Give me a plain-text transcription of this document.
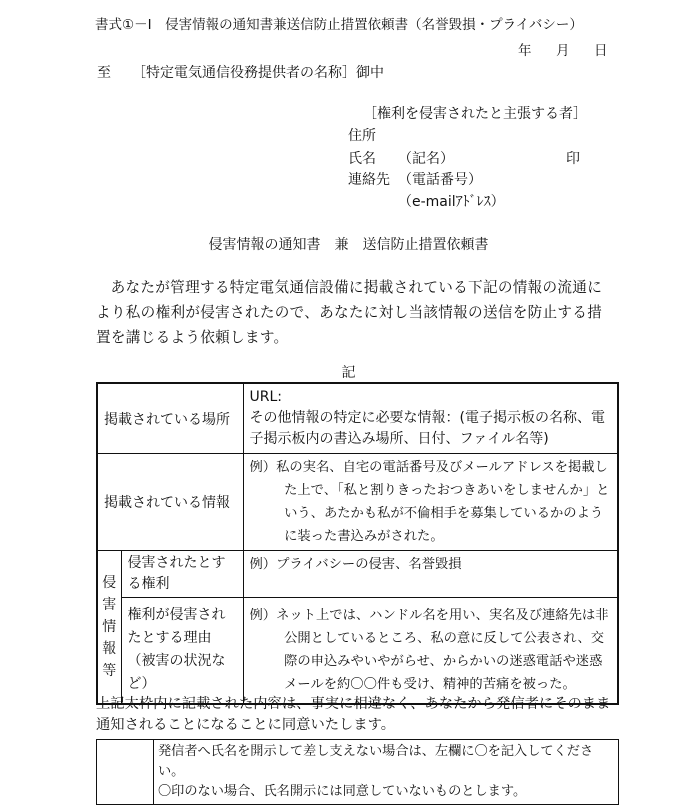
書式①－Ⅰ　侵害情報の通知書兼送信防止措置依頼書（名誉毀損・プライバシー）
年 月 日
至 ［特定電気通信役務提供者の名称］御中
［権利を侵害されたと主張する者］
住所
氏名 （記名）	印
連絡先 （電話番号）
（e-mailｱﾄﾞﾚｽ）
侵害情報の通知書　兼　送信防止措置依頼書
あなたが管理する特定電気通信設備に掲載されている下記の情報の流通により私の権利が侵害されたので、あなたに対し当該情報の送信を防止する措置を講じるよう依頼します。
記
掲載されている場所		URL:
その他情報の特定に必要な情報：(電子掲示板の名称、電子掲示板内の書込み場所、日付、ファイル名等)

掲載されている情報		例）私の実名、自宅の電話番号及びメールアドレスを掲載した上で、「私と割りきったおつきあいをしませんか」という、あたかも私が不倫相手を募集しているかのように装った書込みがされた。

侵
害
情
報
等	侵害されたとする権利	例）プライバシーの侵害、名誉毀損

	権利が侵害されたとする理由（被害の状況など）	例）ネット上では、ハンドル名を用い、実名及び連絡先は非公開としているところ、私の意に反して公表され、交際の申込みやいやがらせ、からかいの迷惑電話や迷惑メールを約〇〇件も受け、精神的苦痛を被った。
上記太枠内に記載された内容は、事実に相違なく、あなたから発信者にそのまま通知されることになることに同意いたします。

発信者へ氏名を開示して差し支えない場合は、左欄に〇を記入してください。
〇印のない場合、氏名開示には同意していないものとします。
